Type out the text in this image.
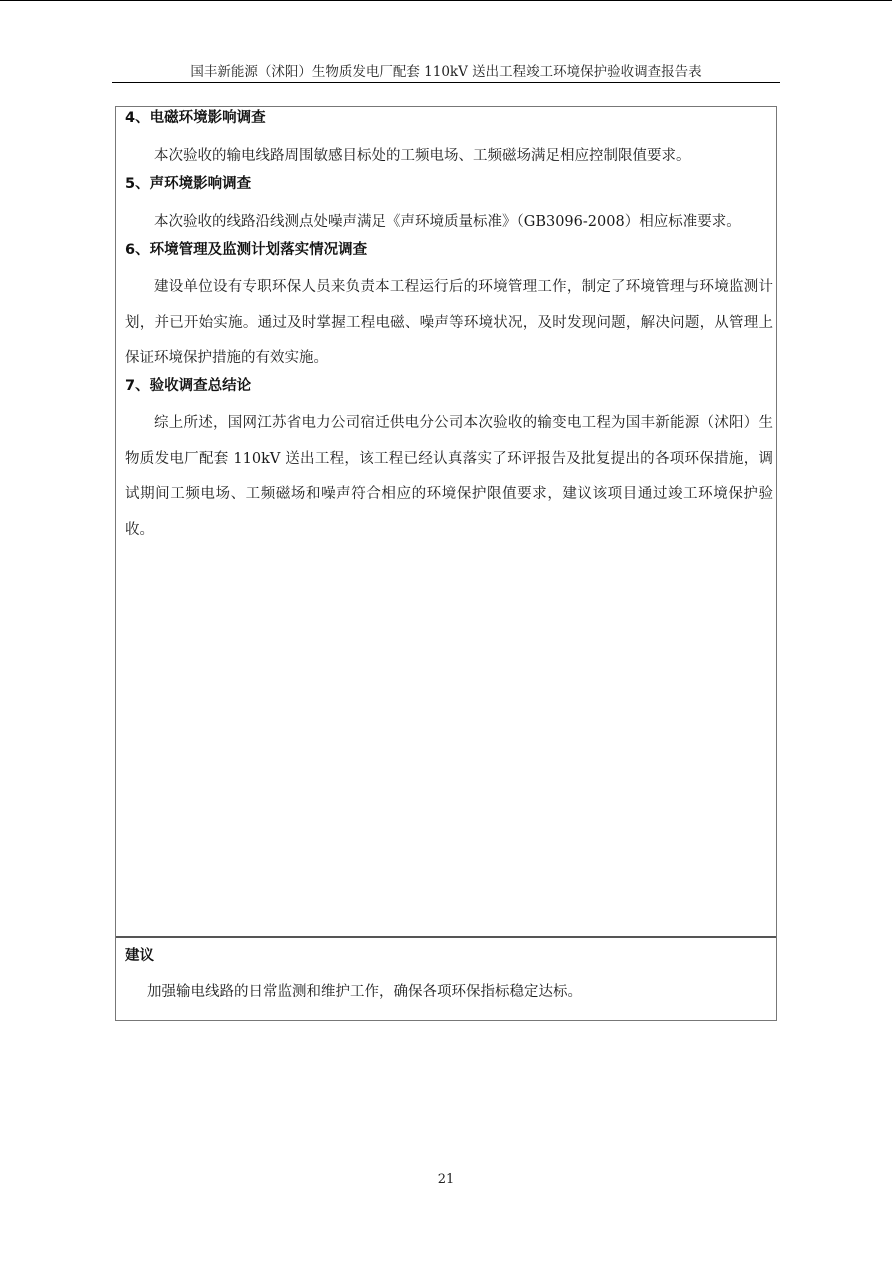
国丰新能源（沭阳）生物质发电厂配套 110kV 送出工程竣工环境保护验收调查报告表
4、电磁环境影响调查

本次验收的输电线路周围敏感目标处的工频电场、工频磁场满足相应控制限值要求。

5、声环境影响调查

本次验收的线路沿线测点处噪声满足《声环境质量标准》（GB3096-2008）相应标准要求。

6、环境管理及监测计划落实情况调查

建设单位设有专职环保人员来负责本工程运行后的环境管理工作，制定了环境管理与环境监测计划，并已开始实施。通过及时掌握工程电磁、噪声等环境状况，及时发现问题，解决问题，从管理上保证环境保护措施的有效实施。

7、验收调查总结论

综上所述，国网江苏省电力公司宿迁供电分公司本次验收的输变电工程为国丰新能源（沭阳）生物质发电厂配套 110kV 送出工程，该工程已经认真落实了环评报告及批复提出的各项环保措施，调试期间工频电场、工频磁场和噪声符合相应的环境保护限值要求，建议该项目通过竣工环境保护验收。

建议

加强输电线路的日常监测和维护工作，确保各项环保指标稳定达标。

21
